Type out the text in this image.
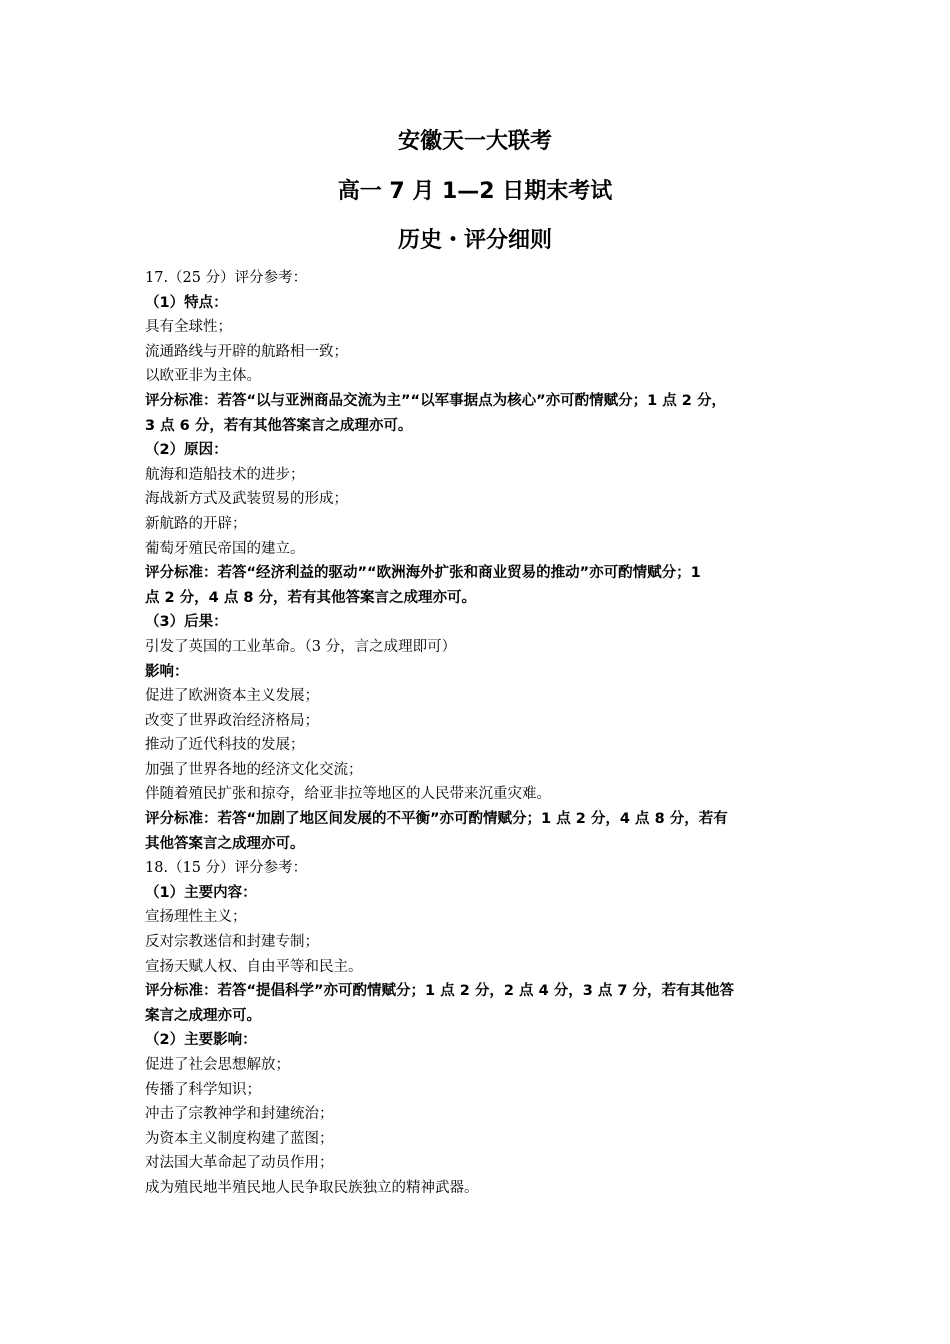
安徽天一大联考
高一 7 月 1—2 日期末考试
历史・评分细则
17.（25 分）评分参考：
（1）特点：
具有全球性；
流通路线与开辟的航路相一致；
以欧亚非为主体。
评分标准：若答“以与亚洲商品交流为主”“以军事据点为核心”亦可酌情赋分；1 点 2 分，
3 点 6 分，若有其他答案言之成理亦可。
（2）原因：
航海和造船技术的进步；
海战新方式及武装贸易的形成；
新航路的开辟；
葡萄牙殖民帝国的建立。
评分标准：若答“经济利益的驱动”“欧洲海外扩张和商业贸易的推动”亦可酌情赋分；1
点 2 分，4 点 8 分，若有其他答案言之成理亦可。
（3）后果：
引发了英国的工业革命。（3 分，言之成理即可）
影响：
促进了欧洲资本主义发展；
改变了世界政治经济格局；
推动了近代科技的发展；
加强了世界各地的经济文化交流；
伴随着殖民扩张和掠夺，给亚非拉等地区的人民带来沉重灾难。
评分标准：若答“加剧了地区间发展的不平衡”亦可酌情赋分；1 点 2 分，4 点 8 分，若有
其他答案言之成理亦可。
18.（15 分）评分参考：
（1）主要内容：
宣扬理性主义；
反对宗教迷信和封建专制；
宣扬天赋人权、自由平等和民主。
评分标准：若答“提倡科学”亦可酌情赋分；1 点 2 分，2 点 4 分，3 点 7 分，若有其他答
案言之成理亦可。
（2）主要影响：
促进了社会思想解放；
传播了科学知识；
冲击了宗教神学和封建统治；
为资本主义制度构建了蓝图；
对法国大革命起了动员作用；
成为殖民地半殖民地人民争取民族独立的精神武器。
